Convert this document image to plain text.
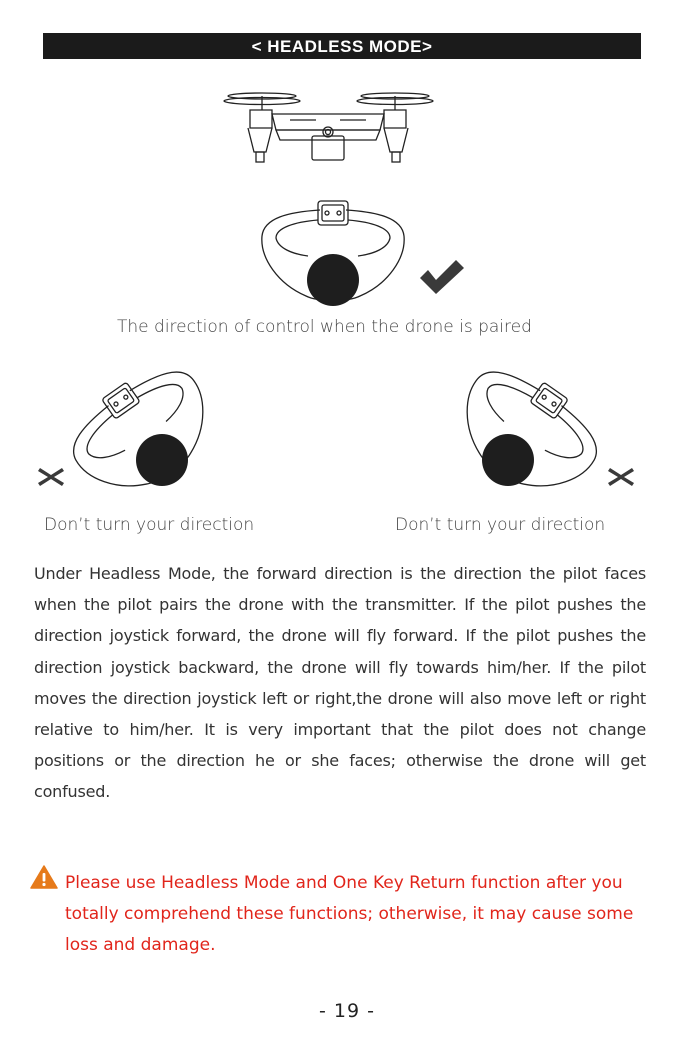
< HEADLESS MODE>
The direction of control when the drone is paired
Don’t turn your direction	Don’t turn your direction
Under Headless Mode, the forward direction is the direction the pilot faces when the pilot pairs the drone with the transmitter. If the pilot pushes the direction joystick forward, the drone will fly forward. If the pilot pushes the direction joystick backward, the drone will fly towards him/her. If the pilot moves the direction joystick left or right,the drone will also move left or right relative to him/her. It is very important that the pilot does not change positions or the direction he or she faces; otherwise the drone will get confused.
Please use Headless Mode and One Key Return function after you totally comprehend these functions; otherwise, it may cause some loss and damage.
- 19 -
